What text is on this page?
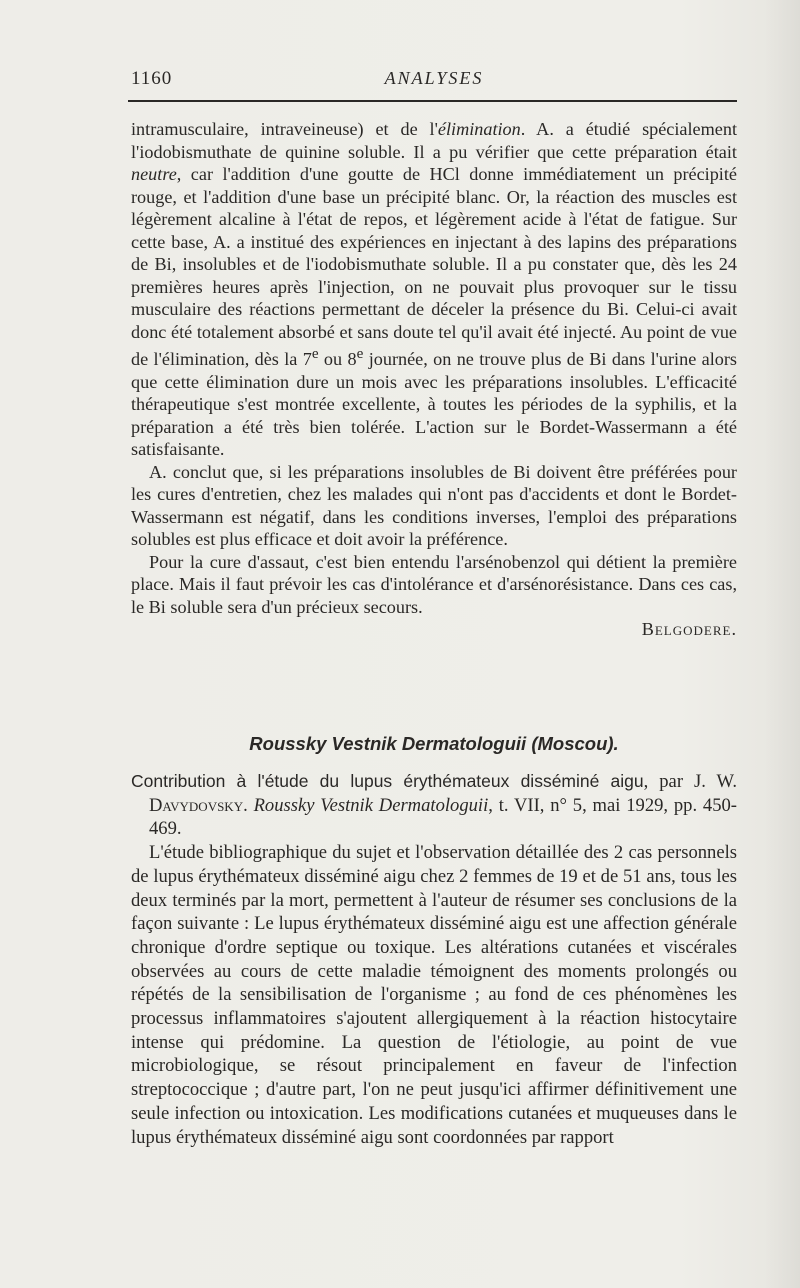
1160	ANALYSES

intramusculaire, intraveineuse) et de l'élimination. A. a étudié spécialement l'iodobismuthate de quinine soluble. Il a pu vérifier que cette préparation était neutre, car l'addition d'une goutte de HCl donne immédiatement un précipité rouge, et l'addition d'une base un précipité blanc. Or, la réaction des muscles est légèrement alcaline à l'état de repos, et légèrement acide à l'état de fatigue. Sur cette base, A. a institué des expériences en injectant à des lapins des préparations de Bi, insolubles et de l'iodobismuthate soluble. Il a pu constater que, dès les 24 premières heures après l'injection, on ne pouvait plus provoquer sur le tissu musculaire des réactions permettant de déceler la présence du Bi. Celui-ci avait donc été totalement absorbé et sans doute tel qu'il avait été injecté. Au point de vue de l'élimination, dès la 7e ou 8e journée, on ne trouve plus de Bi dans l'urine alors que cette élimination dure un mois avec les préparations insolubles. L'efficacité thérapeutique s'est montrée excellente, à toutes les périodes de la syphilis, et la préparation a été très bien tolérée. L'action sur le Bordet-Wassermann a été satisfaisante.

A. conclut que, si les préparations insolubles de Bi doivent être préférées pour les cures d'entretien, chez les malades qui n'ont pas d'accidents et dont le Bordet-Wassermann est négatif, dans les conditions inverses, l'emploi des préparations solubles est plus efficace et doit avoir la préférence.

Pour la cure d'assaut, c'est bien entendu l'arsénobenzol qui détient la première place. Mais il faut prévoir les cas d'intolérance et d'arsénorésistance. Dans ces cas, le Bi soluble sera d'un précieux secours.

Belgodere.

Roussky Vestnik Dermatologuii (Moscou).

Contribution à l'étude du lupus érythémateux disséminé aigu, par J. W. Davydovsky. Roussky Vestnik Dermatologuii, t. VII, n° 5, mai 1929, pp. 450-469.

L'étude bibliographique du sujet et l'observation détaillée des 2 cas personnels de lupus érythémateux disséminé aigu chez 2 femmes de 19 et de 51 ans, tous les deux terminés par la mort, permettent à l'auteur de résumer ses conclusions de la façon suivante : Le lupus érythémateux disséminé aigu est une affection générale chronique d'ordre septique ou toxique. Les altérations cutanées et viscérales observées au cours de cette maladie témoignent des moments prolongés ou répétés de la sensibilisation de l'organisme ; au fond de ces phénomènes les processus inflammatoires s'ajoutent allergiquement à la réaction histocytaire intense qui prédomine. La question de l'étiologie, au point de vue microbiologique, se résout principalement en faveur de l'infection streptococcique ; d'autre part, l'on ne peut jusqu'ici affirmer définitivement une seule infection ou intoxication. Les modifications cutanées et muqueuses dans le lupus érythémateux disséminé aigu sont coordonnées par rapport
